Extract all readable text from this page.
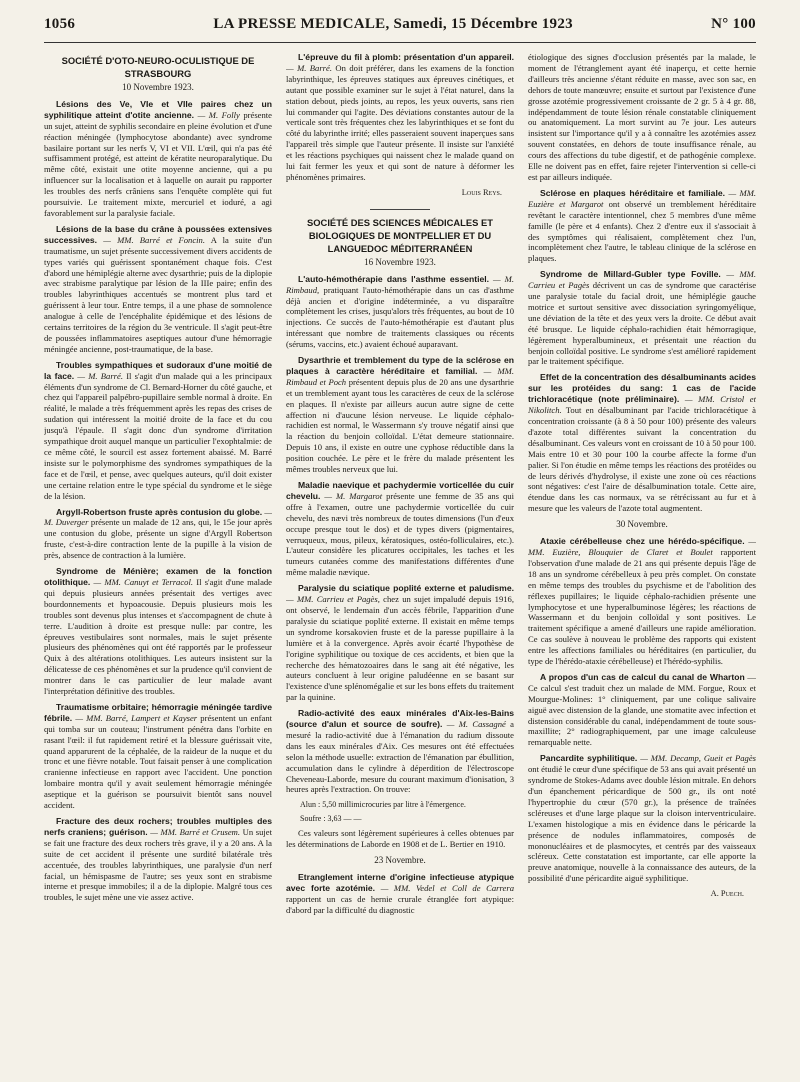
1056	LA PRESSE MEDICALE, Samedi, 15 Décembre 1923	N° 100
SOCIÉTÉ D'OTO-NEURO-OCULISTIQUE DE STRASBOURG
10 Novembre 1923.
Lésions des Ve, VIe et VIIe paires chez un syphilitique atteint d'otite ancienne. — M. Folly présente un sujet, atteint de syphilis secondaire en pleine évolution et d'une réaction méningée (lymphocytose abondante) avec syndrome basilaire portant sur les nerfs V, VI et VII. L'œil, qui n'a pas été suffisamment protégé, est atteint de kératite neuroparalytique. Du même côté, existait une otite moyenne ancienne, qui a pu influencer sur la localisation et à laquelle on aurait pu rapporter les troubles des nerfs crâniens sans l'enquête complète qui fut poursuivie. Le traitement mixte, mercuriel et ioduré, a agi favorablement sur la paralysie faciale.
Lésions de la base du crâne à poussées extensives successives. — MM. Barré et Foncin. A la suite d'un traumatisme, un sujet présente successivement divers accidents de types variés qui guérissent spontanément chaque fois. C'est d'abord une hémiplégie alterne avec dysarthrie; puis de la diplopie avec strabisme paralytique par lésion de la IIIe paire; enfin des troubles labyrinthiques accentués se montrent plus tard et guérissent à leur tour. Entre temps, il a une phase de somnolence analogue à celle de l'encéphalite épidémique et des lésions de certains territoires de la région du 3e ventricule. Il s'agit peut-être de poussées inflammatoires aseptiques autour d'une hémorragie méningée ancienne, post-traumatique, de la base.
Troubles sympathiques et sudoraux d'une moitié de la face. — M. Barré. Il s'agit d'un malade qui a les principaux éléments d'un syndrome de Cl. Bernard-Horner du côté gauche, et chez qui l'appareil palpébro-pupillaire semble normal à droite. En réalité, le malade a très fréquemment après les repas des crises de sudation qui intéressent la moitié droite de la face et du cou jusqu'à l'épaule. Il s'agit donc d'un syndrome d'irritation sympathique droit auquel manque un particulier l'exophtalmie: de ce même côté, le sourcil est assez fortement abaissé. M. Barré insiste sur le polymorphisme des syndromes sympathiques de la face et de l'œil, et pense, avec quelques auteurs, qu'il doit exister une certaine relation entre le type spécial du syndrome et le siège de la lésion.
Argyll-Robertson fruste après contusion du globe. — M. Duverger présente un malade de 12 ans, qui, le 15e jour après une contusion du globe, présente un signe d'Argyll Robertson fruste, c'est-à-dire contraction lente de la pupille à la vision de près, absence de contraction à la lumière.
Syndrome de Ménière; examen de la fonction otolithique. — MM. Canuyt et Terracol. Il s'agit d'une malade qui depuis plusieurs années présentait des vertiges avec bourdonnements et hypoacousie. Depuis plusieurs mois les troubles sont devenus plus intenses et s'accompagnent de chute à terre. L'audition à droite est presque nulle: par contre, les épreuves vestibulaires sont normales, mais le sujet présente plusieurs des phénomènes qui ont été rapportés par le professeur Quix à des altérations otolithiques. Les auteurs insistent sur la délicatesse de ces phénomènes et sur la prudence qu'il convient de montrer dans le cas particulier de leur malade avant l'interprétation définitive des troubles.
Traumatisme orbitaire; hémorragie méningée tardive fébrile. — MM. Barré, Lampert et Kayser présentent un enfant qui tomba sur un couteau; l'instrument pénétra dans l'orbite en rasant l'œil: il fut rapidement retiré et la blessure guérissait vite, quand apparurent de la céphalée, de la raideur de la nuque et du tronc et une fièvre notable. Tout faisait penser à une complication cranienne infectieuse en rapport avec l'accident. Une ponction lombaire montra qu'il y avait seulement hémorragie méningée aseptique et la guérison se poursuivit bientôt sans nouvel accident.
Fracture des deux rochers; troubles multiples des nerfs craniens; guérison. — MM. Barré et Crusem. Un sujet se fait une fracture des deux rochers très grave, il y a 20 ans. A la suite de cet accident il présente une surdité bilatérale très accentuée, des troubles labyrinthiques, une paralysie d'un nerf facial, un hémispasme de l'autre; ses yeux sont en strabisme interne et presque immobiles; il a de la diplopie. Malgré tous ces troubles, le sujet mène une vie assez active.
L'épreuve du fil à plomb: présentation d'un appareil. — M. Barré. On doit préférer, dans les examens de la fonction labyrinthique, les épreuves statiques aux épreuves cinétiques, et autant que possible examiner sur le sujet à l'état naturel, dans la station debout, pieds joints, au repos, les yeux ouverts, sans rien lui commander qui l'agite. Des déviations constantes autour de la verticale sont très fréquentes chez les labyrinthiques et se font du côté du labyrinthe irrité; elles passeraient souvent inaperçues sans l'appareil très simple que l'auteur présente. Il insiste sur l'anxiété et les réactions psychiques qui naissent chez le malade quand on lui fait fermer les yeux et qui sont de nature à déformer les phénomènes primaires.
Louis Reys.
SOCIÉTÉ DES SCIENCES MÉDICALES ET BIOLOGIQUES DE MONTPELLIER ET DU LANGUEDOC MÉDITERRANÉEN
16 Novembre 1923.
L'auto-hémothérapie dans l'asthme essentiel. — M. Rimbaud, pratiquant l'auto-hémothérapie dans un cas d'asthme déjà ancien et d'origine indéterminée, a vu disparaître complètement les crises, jusqu'alors très fréquentes, au bout de 10 injections. Ce succès de l'auto-hémothérapie est d'autant plus intéressant que nombre de traitements classiques ou récents (sérums, vaccins, etc.) avaient échoué auparavant.
Dysarthrie et tremblement du type de la sclérose en plaques à caractère héréditaire et familial. — MM. Rimbaud et Poch présentent depuis plus de 20 ans une dysarthrie et un tremblement ayant tous les caractères de ceux de la sclérose en plaques. Il n'existe par ailleurs aucun autre signe de cette affection ni d'aucune lésion nerveuse. Le liquide céphalo-rachidien est normal, le Wassermann s'y trouve négatif ainsi que la réaction du benjoin colloïdal. L'état demeure stationnaire. Depuis 10 ans, il existe en outre une cyphose réductible dans la position couchée. Le père et le frère du malade présentent les mêmes troubles nerveux que lui.
Maladie naevique et pachydermie vorticellée du cuir chevelu. — M. Margarot présente une femme de 35 ans qui offre à l'examen, outre une pachydermie vorticellée du cuir chevelu, des nævi très nombreux de toutes dimensions (l'un d'eux occupe presque tout le dos) et de types divers (pigmentaires, verruqueux, mous, pileux, kératosiques, ostéo-folliculaires, etc.). L'auteur considère les plicatures occipitales, les taches et les tumeurs cutanées comme des manifestations différentes d'une même maladie nævique.
Paralysie du sciatique poplité externe et paludisme. — MM. Carrieu et Pagès, chez un sujet impaludé depuis 1916, ont observé, le lendemain d'un accès fébrile, l'apparition d'une paralysie du sciatique poplité externe. Il existait en même temps un syndrome korsakovien fruste et de la paresse pupillaire à la lumière et à la convergence. Après avoir écarté l'hypothèse de l'origine syphilitique ou toxique de ces accidents, et bien que la recherche des hématozoaires dans le sang ait été négative, les auteurs concluent à leur origine paludéenne en se basant sur l'existence d'une splénomégalie et sur les bons effets du traitement par la quinine.
Radio-activité des eaux minérales d'Aix-les-Bains (source d'alun et source de soufre). — M. Cassagné a mesuré la radio-activité due à l'émanation du radium dissoute dans les eaux minérales d'Aix. Ces mesures ont été effectuées selon la méthode usuelle: extraction de l'émanation par ébullition, accumulation dans le cylindre à déperdition de l'électroscope Cheveneau-Laborde, mesure du courant maximum d'ionisation, 3 heures après l'extraction. On trouve:
Alun : 5,50 millimicrocuries par litre à l'émergence.
Soufre : 3,63 — —
Ces valeurs sont légèrement supérieures à celles obtenues par les déterminations de Laborde en 1908 et de L. Bertier en 1910.
23 Novembre.
Etranglement interne d'origine infectieuse atypique avec forte azotémie. — MM. Vedel et Coll de Carrera rapportent un cas de hernie crurale étranglée fort atypique: d'abord par la difficulté du diagnostic
étiologique des signes d'occlusion présentés par la malade, le moment de l'étranglement ayant été inaperçu, et cette hernie d'ailleurs très ancienne s'étant réduite en masse, avec son sac, en dehors de toute manœuvre; ensuite et surtout par l'existence d'une grosse azotémie progressivement croissante de 2 gr. 5 à 4 gr. 88, indépendamment de toute lésion rénale constatable cliniquement ou anatomiquement. La mort survint au 7e jour. Les auteurs insistent sur l'importance qu'il y a à connaître les azotémies assez souvent constatées, en dehors de toute insuffisance rénale, au cours des affections du tube digestif, et de pathogénie complexe. Elle ne doivent pas en effet, faire rejeter l'intervention si celle-ci est par ailleurs indiquée.
Sclérose en plaques héréditaire et familiale. — MM. Euzière et Margarot ont observé un tremblement héréditaire revêtant le caractère intentionnel, chez 5 membres d'une même famille (le père et 4 enfants). Chez 2 d'entre eux il s'associait à des symptômes qui réalisaient, complètement chez l'un, incomplètement chez l'autre, le tableau clinique de la sclérose en plaques.
Syndrome de Millard-Gubler type Foville. — MM. Carrieu et Pagès décrivent un cas de syndrome que caractérise une paralysie totale du facial droit, une hémiplégie gauche motrice et surtout sensitive avec dissociation syringomyélique, une déviation de la tête et des yeux vers la droite. Ce début avait été brusque. Le liquide céphalo-rachidien était hémorragique, légèrement hyperalbumineux, et présentait une réaction du benjoin colloïdal positive. Le syndrome s'est amélioré rapidement par le traitement spécifique.
Effet de la concentration des désalbuminants acides sur les protéides du sang: 1 cas de l'acide trichloracétique (note préliminaire). — MM. Cristol et Nikolitch. Tout en désalbuminant par l'acide trichloracétique à concentration croissante (à 8 à 50 pour 100) présente des valeurs d'azote total différentes suivant la concentration du désalbuminant. Ces valeurs vont en croissant de 10 à 50 pour 100. Mais entre 10 et 30 pour 100 la courbe affecte la forme d'un palier. Si l'on étudie en même temps les réactions des protéides ou de leurs dérivés d'hydrolyse, il existe une zone où ces réactions sont négatives: c'est l'aire de désalbumination totale. Cette aire, étendue dans les cas normaux, va se rétrécissant au fur et à mesure que les valeurs de l'azote total augmentent.
30 Novembre.
Ataxie cérébelleuse chez une hérédo-spécifique. — MM. Euzière, Blouquier de Claret et Boulet rapportent l'observation d'une malade de 21 ans qui présente depuis l'âge de 18 ans un syndrome cérébelleux à peu près complet. On constate en même temps des troubles du psychisme et de l'abolition des réflexes pupillaires; le liquide céphalo-rachidien présente une lymphocytose et une hyperalbuminose légères; les réactions de Wassermann et du benjoin colloïdal y sont positives. Le traitement spécifique a amené d'ailleurs une rapide amélioration. Ce cas soulève à nouveau le problème des rapports qui existent entre les affections familiales ou héréditaires (en particulier, du type de l'hérédo-ataxie cérébelleuse) et l'hérédo-syphilis.
A propos d'un cas de calcul du canal de Wharton — Ce calcul s'est traduit chez un malade de MM. Forgue, Roux et Mourgue-Molines: 1° cliniquement, par une colique salivaire aiguë avec distension de la glande, une stomatite avec infection et distension considérable du canal, indépendamment de toute sous-maxillite; 2° radiographiquement, par une image calculeuse remarquable nette.
Pancardite syphilitique. — MM. Decamp, Gueit et Pagès ont étudié le cœur d'une spécifique de 53 ans qui avait présenté un syndrome de Stokes-Adams avec double lésion mitrale. En dehors d'un épanchement péricardique de 500 gr., ils ont noté l'hypertrophie du cœur (570 gr.), la présence de traînées scléreuses et d'une large plaque sur la cloison interventriculaire. L'examen histologique a mis en évidence dans le péricarde la présence de nodules inflammatoires, composés de mononucléaires et de plasmocytes, et centrés par des vaisseaux scléreux. Cette constatation est importante, car elle apporte la preuve anatomique, nouvelle à la connaissance des auteurs, de la possibilité d'une péricardite aiguë syphilitique.
A. Puech.
